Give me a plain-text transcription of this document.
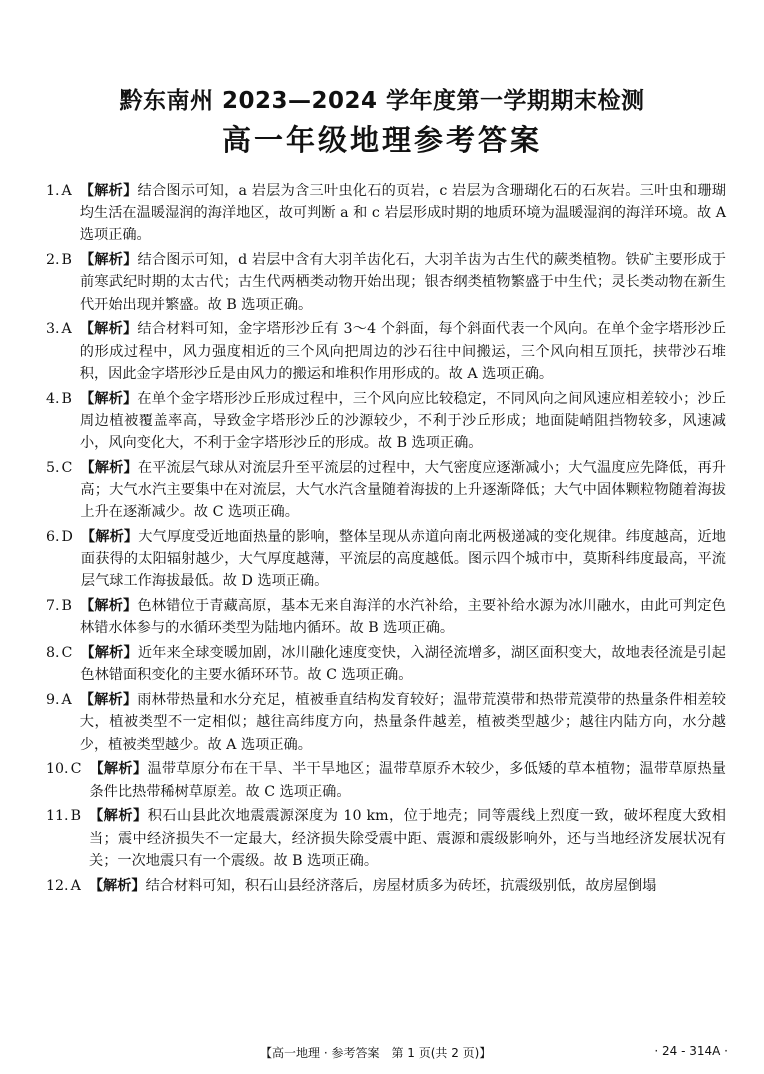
黔东南州 2023—2024 学年度第一学期期末检测
高一年级地理参考答案
1. A 【解析】结合图示可知，a 岩层为含三叶虫化石的页岩，c 岩层为含珊瑚化石的石灰岩。三叶虫和珊瑚均生活在温暖湿润的海洋地区，故可判断 a 和 c 岩层形成时期的地质环境为温暖湿润的海洋环境。故 A 选项正确。
2. B 【解析】结合图示可知，d 岩层中含有大羽羊齿化石，大羽羊齿为古生代的蕨类植物。铁矿主要形成于前寒武纪时期的太古代；古生代两栖类动物开始出现；银杏纲类植物繁盛于中生代；灵长类动物在新生代开始出现并繁盛。故 B 选项正确。
3. A 【解析】结合材料可知，金字塔形沙丘有 3～4 个斜面，每个斜面代表一个风向。在单个金字塔形沙丘的形成过程中，风力强度相近的三个风向把周边的沙石往中间搬运，三个风向相互顶托，挟带沙石堆积，因此金字塔形沙丘是由风力的搬运和堆积作用形成的。故 A 选项正确。
4. B 【解析】在单个金字塔形沙丘形成过程中，三个风向应比较稳定，不同风向之间风速应相差较小；沙丘周边植被覆盖率高，导致金字塔形沙丘的沙源较少，不利于沙丘形成；地面陡峭阻挡物较多，风速减小，风向变化大，不利于金字塔形沙丘的形成。故 B 选项正确。
5. C 【解析】在平流层气球从对流层升至平流层的过程中，大气密度应逐渐减小；大气温度应先降低，再升高；大气水汽主要集中在对流层，大气水汽含量随着海拔的上升逐渐降低；大气中固体颗粒物随着海拔上升在逐渐减少。故 C 选项正确。
6. D 【解析】大气厚度受近地面热量的影响，整体呈现从赤道向南北两极递减的变化规律。纬度越高，近地面获得的太阳辐射越少，大气厚度越薄，平流层的高度越低。图示四个城市中，莫斯科纬度最高，平流层气球工作海拔最低。故 D 选项正确。
7. B 【解析】色林错位于青藏高原，基本无来自海洋的水汽补给，主要补给水源为冰川融水，由此可判定色林错水体参与的水循环类型为陆地内循环。故 B 选项正确。
8. C 【解析】近年来全球变暖加剧，冰川融化速度变快，入湖径流增多，湖区面积变大，故地表径流是引起色林错面积变化的主要水循环环节。故 C 选项正确。
9. A 【解析】雨林带热量和水分充足，植被垂直结构发育较好；温带荒漠带和热带荒漠带的热量条件相差较大，植被类型不一定相似；越往高纬度方向，热量条件越差，植被类型越少；越往内陆方向，水分越少，植被类型越少。故 A 选项正确。
10. C 【解析】温带草原分布在干旱、半干旱地区；温带草原乔木较少，多低矮的草本植物；温带草原热量条件比热带稀树草原差。故 C 选项正确。
11. B 【解析】积石山县此次地震震源深度为 10 km，位于地壳；同等震线上烈度一致，破坏程度大致相当；震中经济损失不一定最大，经济损失除受震中距、震源和震级影响外，还与当地经济发展状况有关；一次地震只有一个震级。故 B 选项正确。
12. A 【解析】结合材料可知，积石山县经济落后，房屋材质多为砖坯，抗震级别低，故房屋倒塌
【高一地理 · 参考答案　第 1 页(共 2 页)】	· 24 - 314A ·
